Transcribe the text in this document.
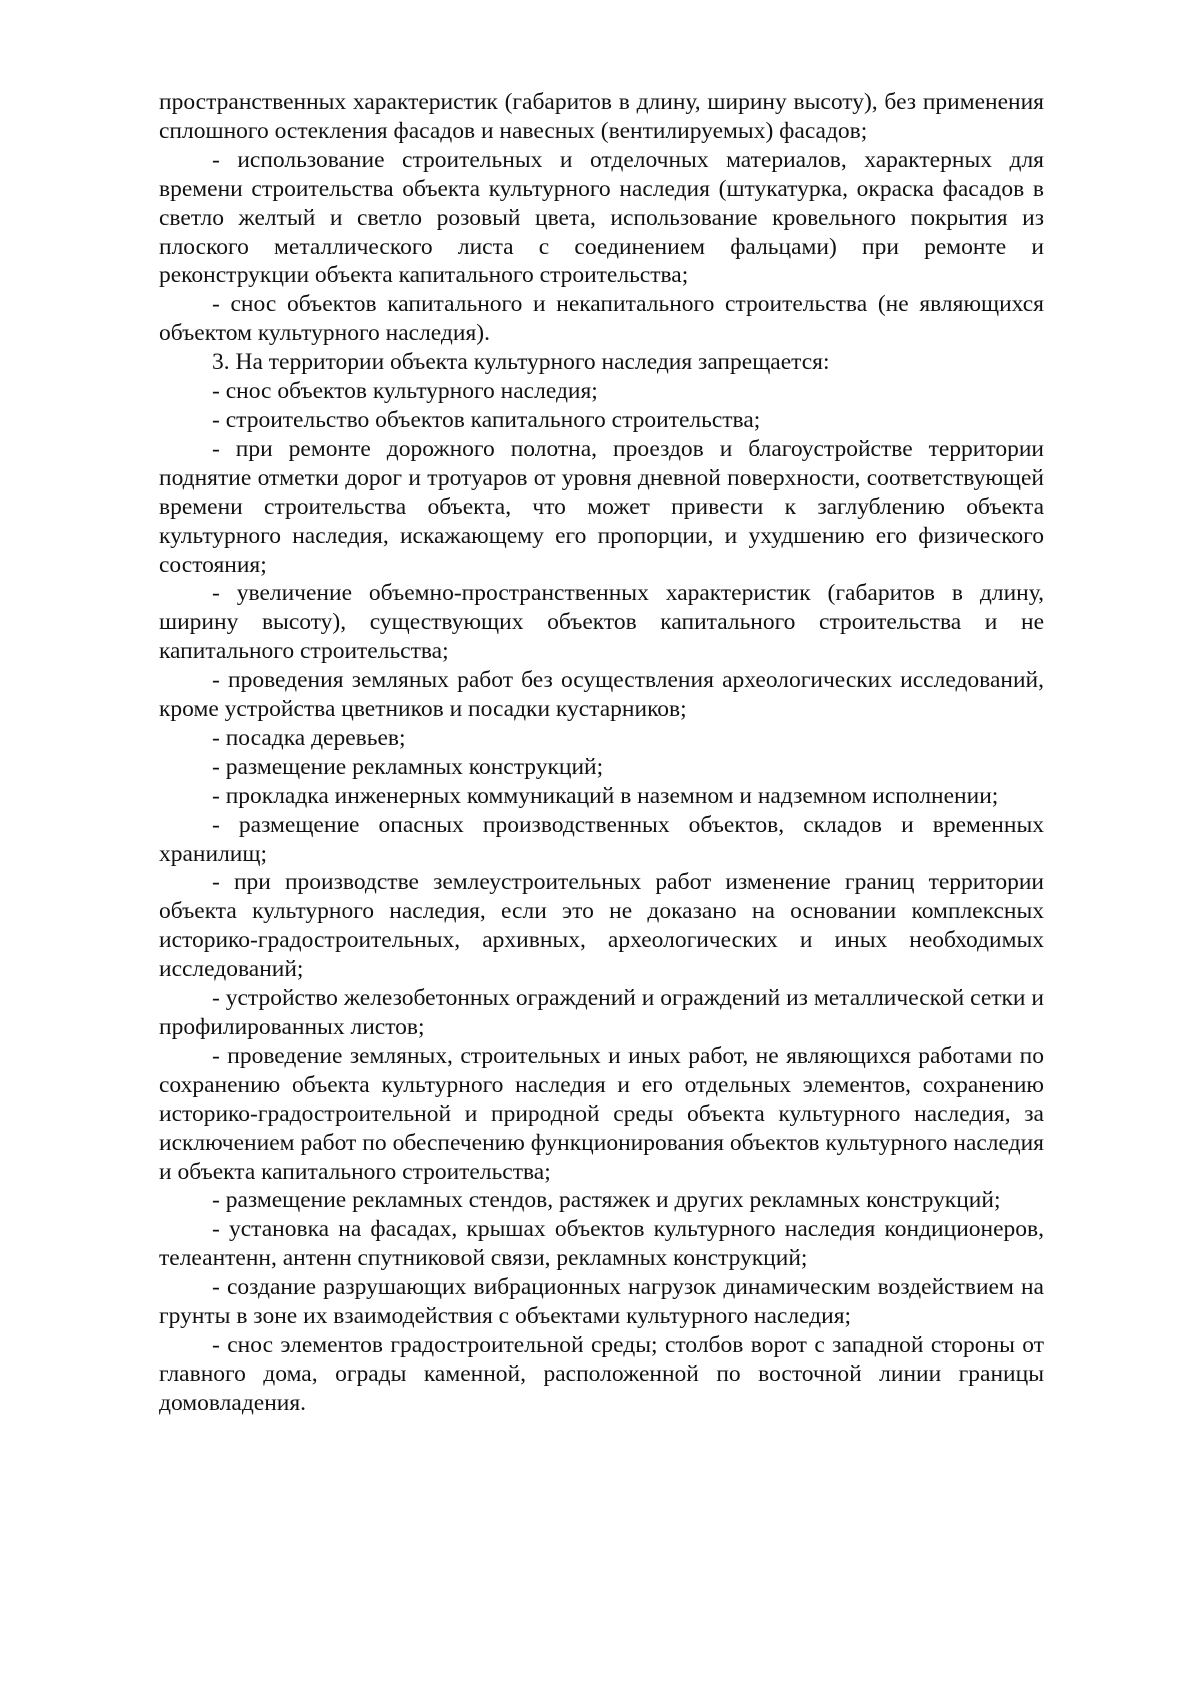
пространственных характеристик (габаритов в длину, ширину высоту), без применения сплошного остекления фасадов и навесных (вентилируемых) фасадов;

- использование строительных и отделочных материалов, характерных для времени строительства объекта культурного наследия (штукатурка, окраска фасадов в светло желтый и светло розовый цвета, использование кровельного покрытия из плоского металлического листа с соединением фальцами) при ремонте и реконструкции объекта капитального строительства;

- снос объектов капитального и некапитального строительства (не являющихся объектом культурного наследия).

3. На территории объекта культурного наследия запрещается:

- снос объектов культурного наследия;

- строительство объектов капитального строительства;

- при ремонте дорожного полотна, проездов и благоустройстве территории поднятие отметки дорог и тротуаров от уровня дневной поверхности, соответствующей времени строительства объекта, что может привести к заглублению объекта культурного наследия, искажающему его пропорции, и ухудшению его физического состояния;

- увеличение объемно-пространственных характеристик (габаритов в длину, ширину высоту), существующих объектов капитального строительства и не капитального строительства;

- проведения земляных работ без осуществления археологических исследований, кроме устройства цветников и посадки кустарников;

- посадка деревьев;

- размещение рекламных конструкций;

- прокладка инженерных коммуникаций в наземном и надземном исполнении;

- размещение опасных производственных объектов, складов и временных хранилищ;

- при производстве землеустроительных работ изменение границ территории объекта культурного наследия, если это не доказано на основании комплексных историко-градостроительных, архивных, археологических и иных необходимых исследований;

- устройство железобетонных ограждений и ограждений из металлической сетки и профилированных листов;

- проведение земляных, строительных и иных работ, не являющихся работами по сохранению объекта культурного наследия и его отдельных элементов, сохранению историко-градостроительной и природной среды объекта культурного наследия, за исключением работ по обеспечению функционирования объектов культурного наследия и объекта капитального строительства;

- размещение рекламных стендов, растяжек и других рекламных конструкций;

- установка на фасадах, крышах объектов культурного наследия кондиционеров, телеантенн, антенн спутниковой связи, рекламных конструкций;

- создание разрушающих вибрационных нагрузок динамическим воздействием на грунты в зоне их взаимодействия с объектами культурного наследия;

- снос элементов градостроительной среды; столбов ворот с западной стороны от главного дома, ограды каменной, расположенной по восточной линии границы домовладения.
